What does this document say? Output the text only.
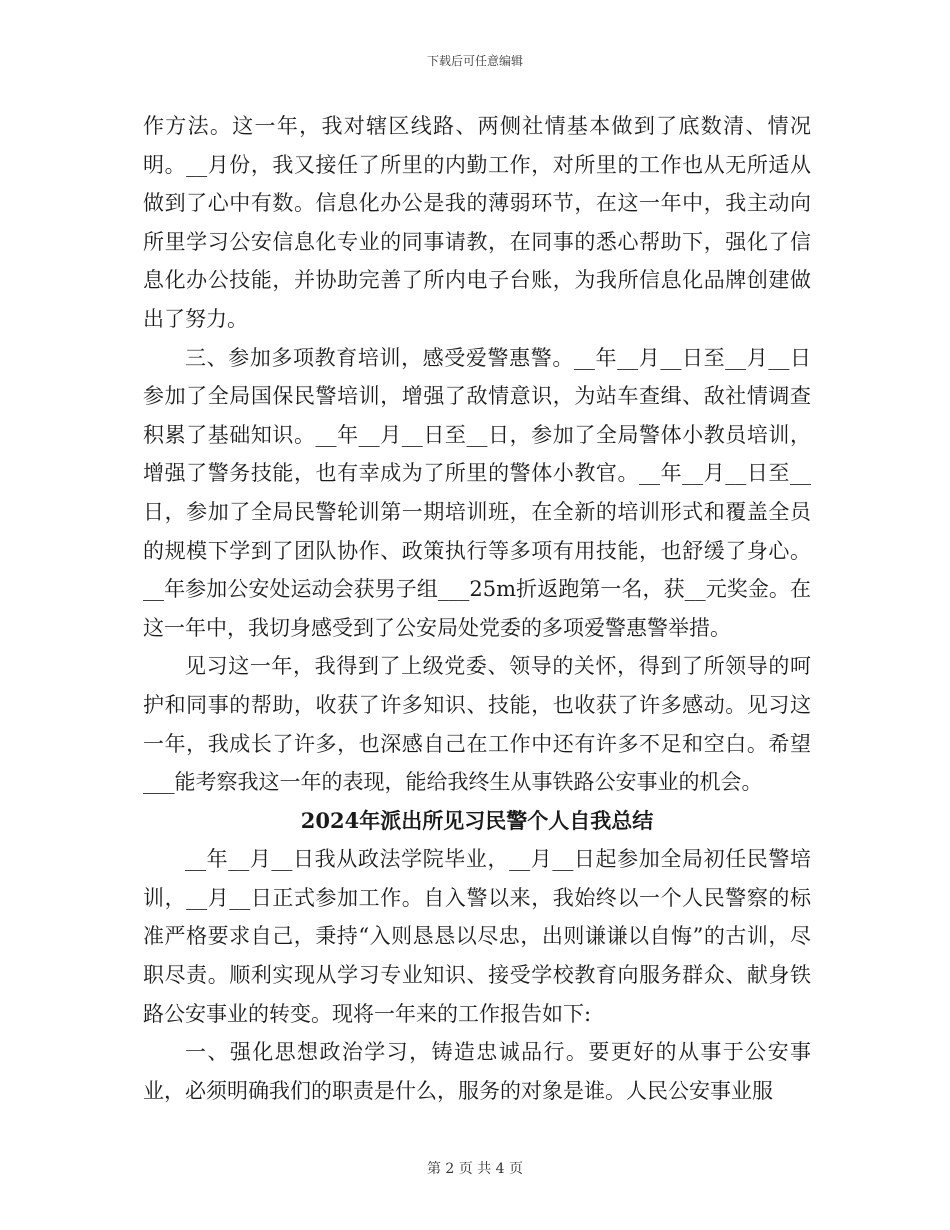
下载后可任意编辑

作方法。这一年，我对辖区线路、两侧社情基本做到了底数清、情况明。__月份，我又接任了所里的内勤工作，对所里的工作也从无所适从做到了心中有数。信息化办公是我的薄弱环节，在这一年中，我主动向所里学习公安信息化专业的同事请教，在同事的悉心帮助下，强化了信息化办公技能，并协助完善了所内电子台账，为我所信息化品牌创建做出了努力。

三、参加多项教育培训，感受爱警惠警。__年__月__日至__月__日参加了全局国保民警培训，增强了敌情意识，为站车查缉、敌社情调查积累了基础知识。__年__月__日至__日，参加了全局警体小教员培训，增强了警务技能，也有幸成为了所里的警体小教官。__年__月__日至__日，参加了全局民警轮训第一期培训班，在全新的培训形式和覆盖全员的规模下学到了团队协作、政策执行等多项有用技能，也舒缓了身心。__年参加公安处运动会获男子组___25m折返跑第一名，获__元奖金。在这一年中，我切身感受到了公安局处党委的多项爱警惠警举措。

见习这一年，我得到了上级党委、领导的关怀，得到了所领导的呵护和同事的帮助，收获了许多知识、技能，也收获了许多感动。见习这一年，我成长了许多，也深感自己在工作中还有许多不足和空白。希望___能考察我这一年的表现，能给我终生从事铁路公安事业的机会。

2024年派出所见习民警个人自我总结

__年__月__日我从政法学院毕业，__月__日起参加全局初任民警培训，__月__日正式参加工作。自入警以来，我始终以一个人民警察的标准严格要求自己，秉持“入则恳恳以尽忠，出则谦谦以自悔”的古训，尽职尽责。顺利实现从学习专业知识、接受学校教育向服务群众、献身铁路公安事业的转变。现将一年来的工作报告如下:

一、强化思想政治学习，铸造忠诚品行。要更好的从事于公安事业，必须明确我们的职责是什么，服务的对象是谁。人民公安事业服

第 2 页 共 4 页
